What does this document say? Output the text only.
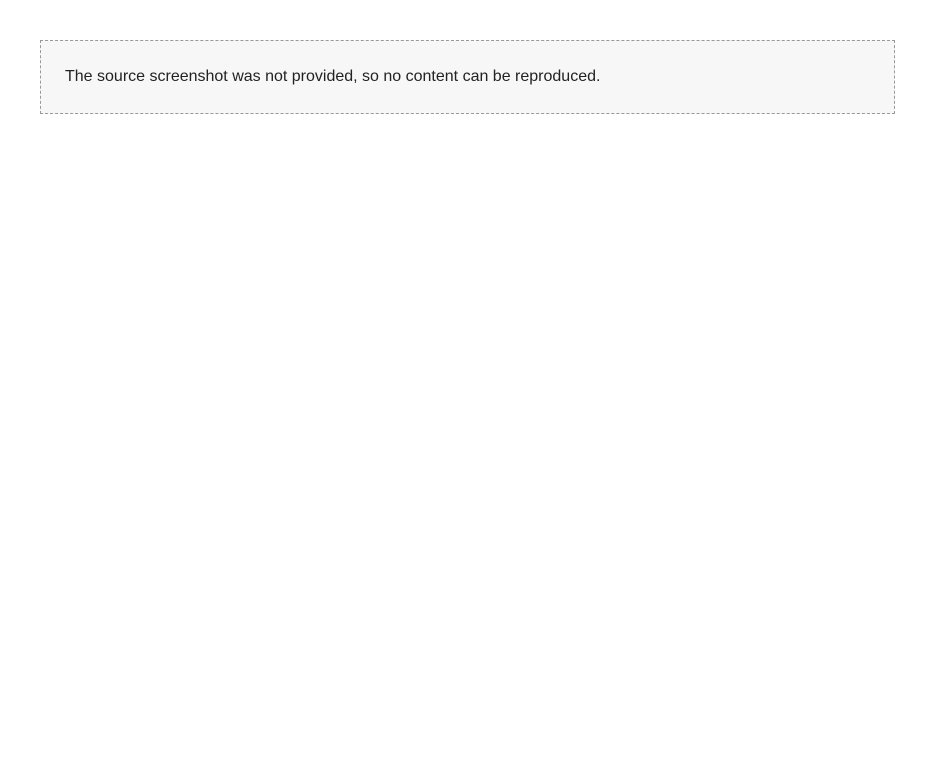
The source screenshot was not provided, so no content can be reproduced.
